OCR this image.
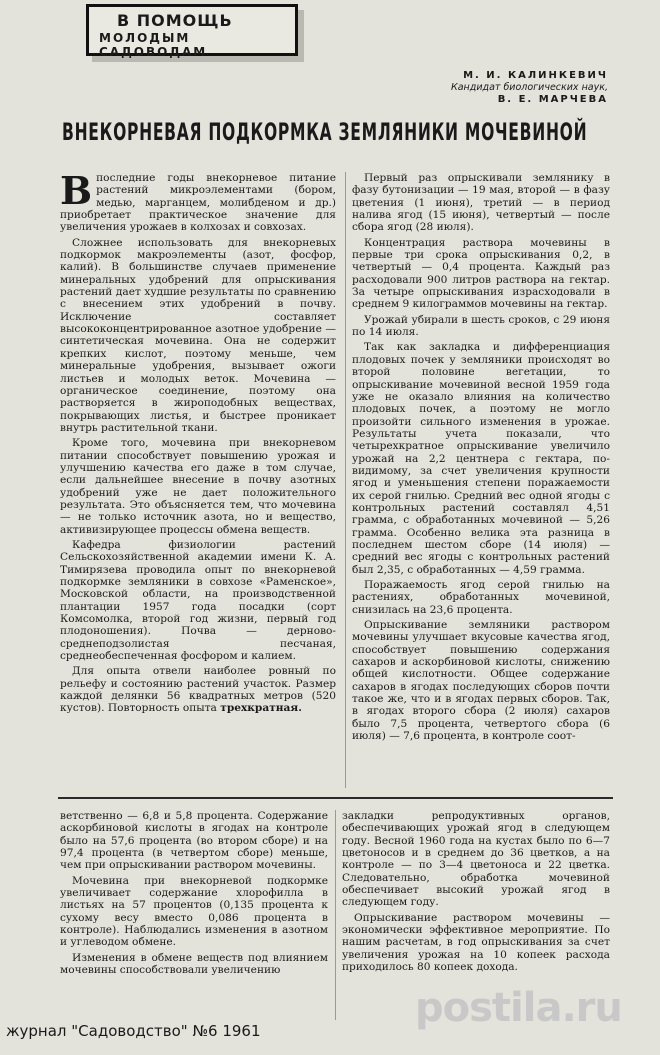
В ПОМОЩЬ
МОЛОДЫМ САДОВОДАМ
М. И. КАЛИНКЕВИЧ
Кандидат биологических наук,
В. Е. МАРЧЕВА
ВНЕКОРНЕВАЯ ПОДКОРМКА ЗЕМЛЯНИКИ МОЧЕВИНОЙ

Впоследние годы внекорневое питание растений микроэлементами (бором, медью, марганцем, молибденом и др.) приобретает практическое значение для увеличения урожаев в колхозах и совхозах.

Сложнее использовать для внекорневых подкормок макроэлементы (азот, фосфор, калий). В большинстве случаев применение минеральных удобрений для опрыскивания растений дает худшие результаты по сравнению с внесением этих удобрений в почву. Исключение составляет высококонцентрированное азотное удобрение — синтетическая мочевина. Она не содержит крепких кислот, поэтому меньше, чем минеральные удобрения, вызывает ожоги листьев и молодых веток. Мочевина — органическое соединение, поэтому она растворяется в жироподобных веществах, покрывающих листья, и быстрее проникает внутрь растительной ткани.

Кроме того, мочевина при внекорневом питании способствует повышению урожая и улучшению качества его даже в том случае, если дальнейшее внесение в почву азотных удобрений уже не дает положительного результата. Это объясняется тем, что мочевина — не только источник азота, но и вещество, активизирующее процессы обмена веществ.

Кафедра физиологии растений Сельскохозяйственной академии имени К. А. Тимирязева проводила опыт по внекорневой подкормке земляники в совхозе «Раменское», Московской области, на производственной плантации 1957 года посадки (сорт Комсомолка, второй год жизни, первый год плодоношения). Почва — дерново-среднеподзолистая песчаная, среднеобеспеченная фосфором и калием.

Для опыта отвели наиболее ровный по рельефу и состоянию растений участок. Размер каждой делянки 56 квадратных метров (520 кустов). Повторность опыта трехкратная.

Первый раз опрыскивали землянику в фазу бутонизации — 19 мая, второй — в фазу цветения (1 июня), третий — в период налива ягод (15 июня), четвертый — после сбора ягод (28 июля).

Концентрация раствора мочевины в первые три срока опрыскивания 0,2, в четвертый — 0,4 процента. Каждый раз расходовали 900 литров раствора на гектар. За четыре опрыскивания израсходовали в среднем 9 килограммов мочевины на гектар.

Урожай убирали в шесть сроков, с 29 июня по 14 июля.

Так как закладка и дифференциация плодовых почек у земляники происходят во второй половине вегетации, то опрыскивание мочевиной весной 1959 года уже не оказало влияния на количество плодовых почек, а поэтому не могло произойти сильного изменения в урожае. Результаты учета показали, что четырехкратное опрыскивание увеличило урожай на 2,2 центнера с гектара, по-видимому, за счет увеличения крупности ягод и уменьшения степени поражаемости их серой гнилью. Средний вес одной ягоды с контрольных растений составлял 4,51 грамма, с обработанных мочевиной — 5,26 грамма. Особенно велика эта разница в последнем шестом сборе (14 июля) — средний вес ягоды с контрольных растений был 2,35, с обработанных — 4,59 грамма.

Поражаемость ягод серой гнилью на растениях, обработанных мочевиной, снизилась на 23,6 процента.

Опрыскивание земляники раствором мочевины улучшает вкусовые качества ягод, способствует повышению содержания сахаров и аскорбиновой кислоты, снижению общей кислотности. Общее содержание сахаров в ягодах последующих сборов почти такое же, что и в ягодах первых сборов. Так, в ягодах второго сбора (2 июля) сахаров было 7,5 процента, четвертого сбора (6 июля) — 7,6 процента, в контроле соот-

ветственно — 6,8 и 5,8 процента. Содержание аскорбиновой кислоты в ягодах на контроле было на 57,6 процента (во втором сборе) и на 97,4 процента (в четвертом сборе) меньше, чем при опрыскивании раствором мочевины.

Мочевина при внекорневой подкормке увеличивает содержание хлорофилла в листьях на 57 процентов (0,135 процента к сухому весу вместо 0,086 процента в контроле). Наблюдались изменения в азотном и углеводом обмене.

Изменения в обмене веществ под влиянием мочевины способствовали увеличению

закладки репродуктивных органов, обеспечивающих урожай ягод в следующем году. Весной 1960 года на кустах было по 6—7 цветоносов и в среднем до 36 цветков, а на контроле — по 3—4 цветоноса и 22 цветка. Следовательно, обработка мочевиной обеспечивает высокий урожай ягод в следующем году.

Опрыскивание раствором мочевины — экономически эффективное мероприятие. По нашим расчетам, в год опрыскивания за счет увеличения урожая на 10 копеек расхода приходилось 80 копеек дохода.

postila.ru
журнал "Садоводство" №6 1961
